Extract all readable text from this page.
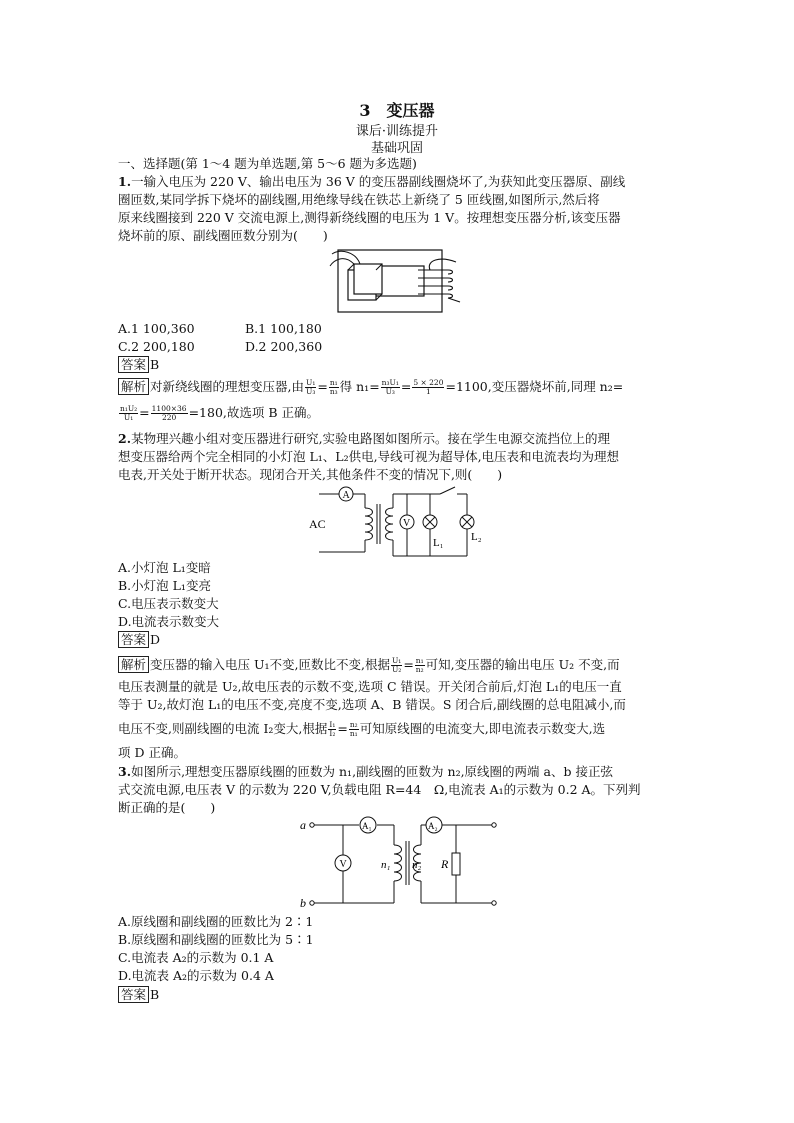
3　变压器
课后·训练提升
基础巩固
一、选择题(第 1～4 题为单选题,第 5～6 题为多选题)
1.一输入电压为 220 V、输出电压为 36 V 的变压器副线圈烧坏了,为获知此变压器原、副线
圈匝数,某同学拆下烧坏的副线圈,用绝缘导线在铁芯上新绕了 5 匝线圈,如图所示,然后将
原来线圈接到 220 V 交流电源上,测得新绕线圈的电压为 1 V。按理想变压器分析,该变压器
烧坏前的原、副线圈匝数分别为(　　)
A.1 100,360	B.1 100,180
C.2 200,180	D.2 200,360
答案 B
解析 对新绕线圈的理想变压器,由 $\frac{\text{U₁}}{\text{U₃}} = \frac{\text{n₁}}{\text{n₃}}$ 得 $n_1= \frac{\text{n₃U₁}}{\text{U₃}} = \frac{5 \times 220}{1} =1100$,变压器烧坏前,同理 n₂=
$\frac{\text{n₁U₂}}{\text{U₁}} = \frac{1100\times 36}{220} =180$,故选项 B 正确。
2.某物理兴趣小组对变压器进行研究,实验电路图如图所示。接在学生电源交流挡位上的理
想变压器给两个完全相同的小灯泡 L₁、L₂供电,导线可视为超导体,电压表和电流表均为理想
电表,开关处于断开状态。现闭合开关,其他条件不变的情况下,则(　　)
AC
A
V
L₁ L₂
A.小灯泡 L₁变暗
B.小灯泡 L₁变亮
C.电压表示数变大
D.电流表示数变大
答案 D
解析 变压器的输入电压 U₁不变,匝数比不变,根据 $\frac{\text{U₁}}{\text{U₂}} = \frac{\text{n₁}}{\text{n₂}}$ 可知,变压器的输出电压 U₂ 不变,而
电压表测量的就是 U₂,故电压表的示数不变,选项 C 错误。开关闭合前后,灯泡 L₁的电压一直
等于 U₂,故灯泡 L₁的电压不变,亮度不变,选项 A、B 错误。S 闭合后,副线圈的总电阻减小,而
电压不变,则副线圈的电流 I₂变大,根据 $\frac{\text{I₁}}{\text{I₂}} = \frac{\text{n₂}}{\text{n₁}}$ 可知原线圈的电流变大,即电流表示数变大,选
项 D 正确。
3.如图所示,理想变压器原线圈的匝数为 n₁,副线圈的匝数为 n₂,原线圈的两端 a、b 接正弦
式交流电源,电压表 V 的示数为 220 V,负载电阻 R=44　Ω,电流表 A₁的示数为 0.2 A。下列判
断正确的是(　　)
a
b
n₁ n₂ R
A₁	A₂
V
A.原线圈和副线圈的匝数比为 2∶1
B.原线圈和副线圈的匝数比为 5∶1
C.电流表 A₂的示数为 0.1 A
D.电流表 A₂的示数为 0.4 A
答案 B
